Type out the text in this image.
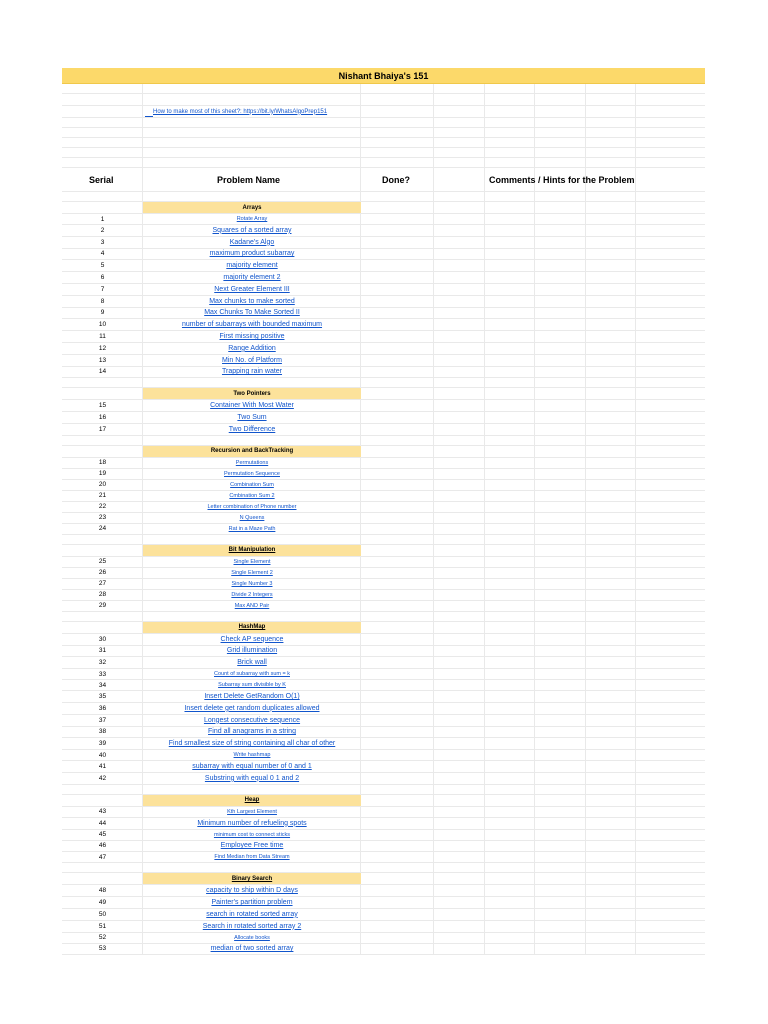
Nishant Bhaiya's 151
How to make most of this sheet?: https://bit.ly/WhatsAlgoPrep151
Serial	Problem Name	Done?	Comments / Hints for the Problem
Arrays
1	Rotate Array
2	Squares of a sorted array
3	Kadane's Algo
4	maximum product subarray
5	majority element
6	majority element 2
7	Next Greater Element III
8	Max chunks to make sorted
9	Max Chunks To Make Sorted II
10	number of subarrays with bounded maximum
11	First missing positive
12	Range Addition
13	Min No. of Platform
14	Trapping rain water
Two Pointers
15	Container With Most Water
16	Two Sum
17	Two Difference
Recursion and BackTracking
18	Permutations
19	Permutation Sequence
20	Combination Sum
21	Cmbination Sum 2
22	Letter combination of Phone number
23	N Queens
24	Rat in a Maze Path
Bit Manipulation
25	Single Element
26	Single Element 2
27	Single Number 3
28	Divide 2 Integers
29	Max AND Pair
HashMap
30	Check AP sequence
31	Grid illumination
32	Brick wall
33	Count of subarray with sum = k
34	Subarray sum divisible by K
35	Insert Delete GetRandom O(1)
36	Insert delete get random duplicates allowed
37	Longest consecutive sequence
38	Find all anagrams in a string
39	Find smallest size of string containing all char of other
40	Write hashmap
41	subarray with equal number of 0 and 1
42	Substring with equal 0 1 and 2
Heap
43	Kth Largest Element
44	Minimum number of refueling spots
45	minimum cost to connect sticks
46	Employee Free time
47	Find Median from Data Stream
Binary Search
48	capacity to ship within D days
49	Painter's partition problem
50	search in rotated sorted array
51	Search in rotated sorted array 2
52	Allocate books
53	median of two sorted array
